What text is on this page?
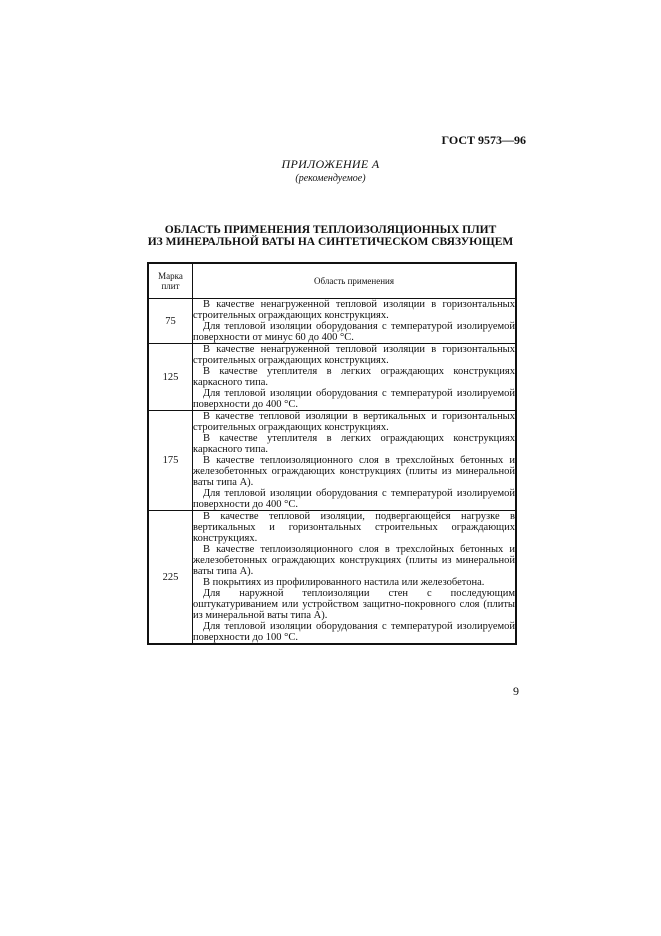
ГОСТ 9573—96
ПРИЛОЖЕНИЕ А
(рекомендуемое)
ОБЛАСТЬ ПРИМЕНЕНИЯ ТЕПЛОИЗОЛЯЦИОННЫХ ПЛИТ
ИЗ МИНЕРАЛЬНОЙ ВАТЫ НА СИНТЕТИЧЕСКОМ СВЯЗУЮЩЕМ
Марка
плит	Область применения
75	В качестве ненагруженной тепловой изоляции в горизонтальных строительных ограждающих конструкциях.

Для тепловой изоляции оборудования с температурой изолируемой поверхности от минус 60 до 400 °С.

125	В качестве ненагруженной тепловой изоляции в горизонтальных строительных ограждающих конструкциях.

В качестве утеплителя в легких ограждающих конструкциях каркасного типа.

Для тепловой изоляции оборудования с температурой изолируемой поверхности до 400 °С.

175	В качестве тепловой изоляции в вертикальных и горизонтальных строительных ограждающих конструкциях.

В качестве утеплителя в легких ограждающих конструкциях каркасного типа.

В качестве теплоизоляционного слоя в трехслойных бетонных и железобетонных ограждающих конструкциях (плиты из минеральной ваты типа А).

Для тепловой изоляции оборудования с температурой изолируемой поверхности до 400 °С.

225	В качестве тепловой изоляции, подвергающейся нагрузке в вертикальных и горизонтальных строительных ограждающих конструкциях.

В качестве теплоизоляционного слоя в трехслойных бетонных и железобетонных ограждающих конструкциях (плиты из минеральной ваты типа А).

В покрытиях из профилированного настила или железобетона.

Для наружной теплоизоляции стен с последующим оштукатуриванием или устройством защитно-покровного слоя (плиты из минеральной ваты типа А).

Для тепловой изоляции оборудования с температурой изолируемой поверхности до 100 °С.

9
